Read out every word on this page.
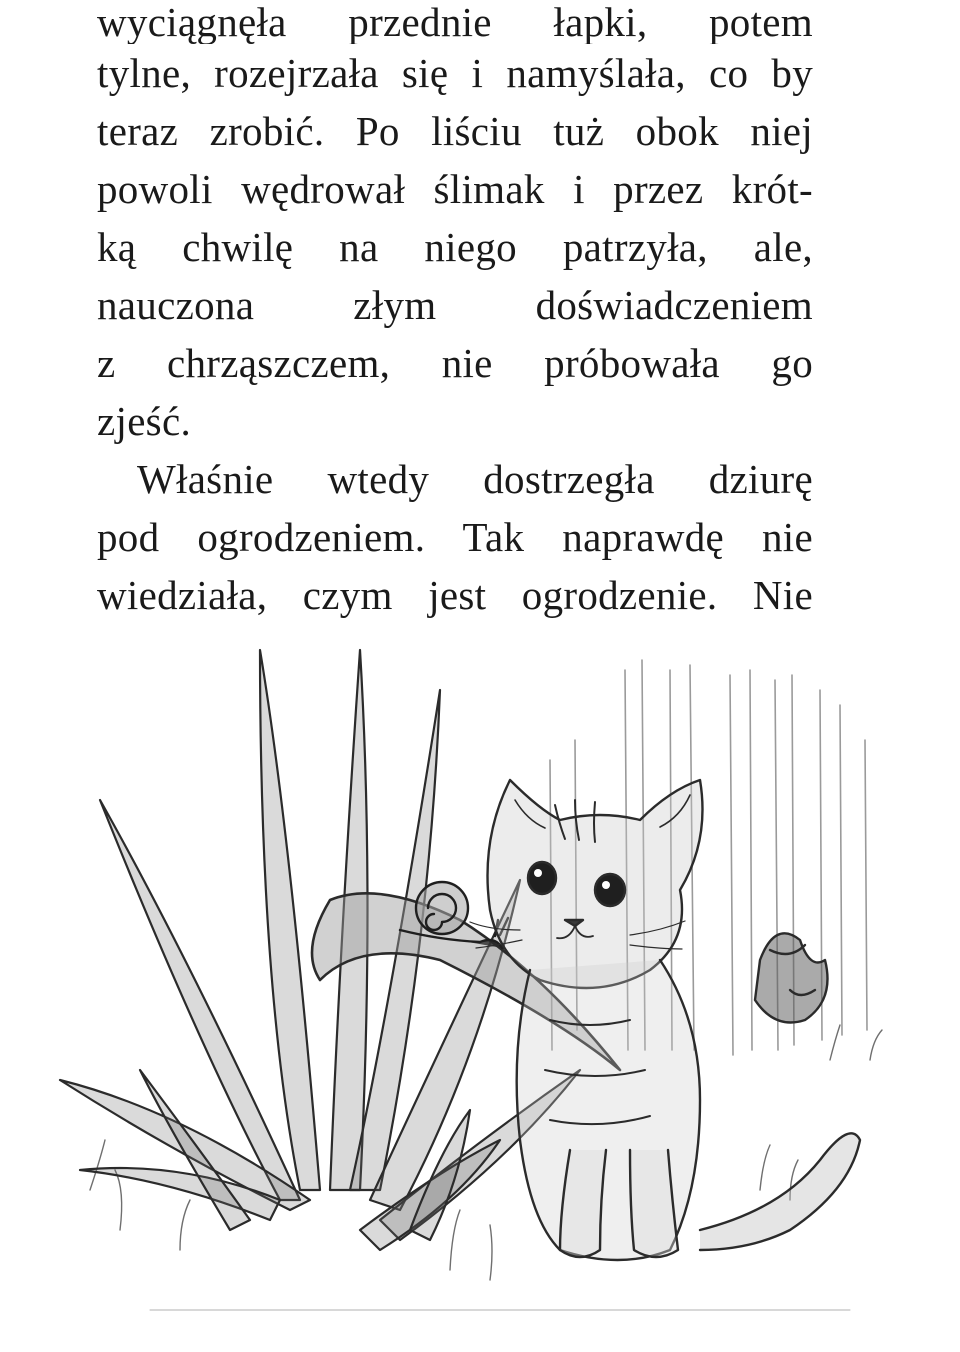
wyciągnęła przednie łapki, potem
tylne, rozejrzała się i namyślała, co by
teraz zrobić. Po liściu tuż obok niej
powoli wędrował ślimak i przez krót-
ką chwilę na niego patrzyła, ale,
nauczona złym doświadczeniem
z chrząszczem, nie próbowała go
zjeść.
Właśnie wtedy dostrzegła dziurę
pod ogrodzeniem. Tak naprawdę nie
wiedziała, czym jest ogrodzenie. Nie
